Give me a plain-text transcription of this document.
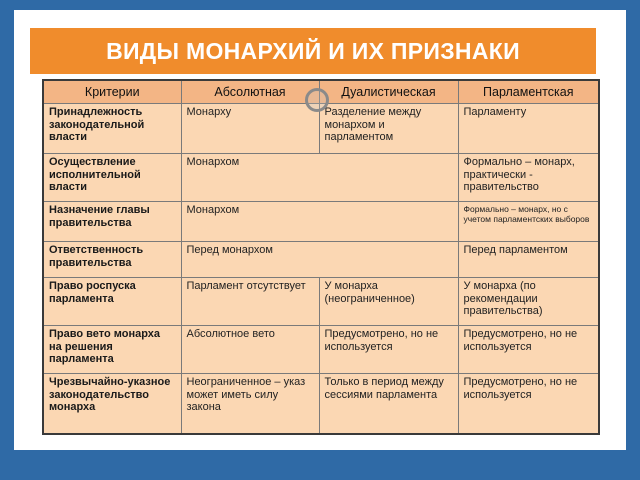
ВИДЫ МОНАРХИЙ И ИХ ПРИЗНАКИ
Критерии	Абсолютная	Дуалистическая	Парламентская
Принадлежность законодательной власти	Монарху	Разделение между монархом и парламентом	Парламенту
Осуществление исполнительной власти	Монархом		Формально – монарх, практически - правительство
Назначение главы правительства	Монархом		Формально – монарх, но с учетом парламентских выборов
Ответственность правительства	Перед монархом		Перед парламентом
Право роспуска парламента	Парламент отсутствует	У монарха (неограниченное)	У монарха (по рекомендации правительства)
Право вето монарха на решения парламента	Абсолютное вето	Предусмотрено, но не используется	Предусмотрено, но не используется
Чрезвычайно-указное законодательство монарха	Неограниченное – указ может иметь силу закона	Только в период между сессиями парламента	Предусмотрено, но не используется
